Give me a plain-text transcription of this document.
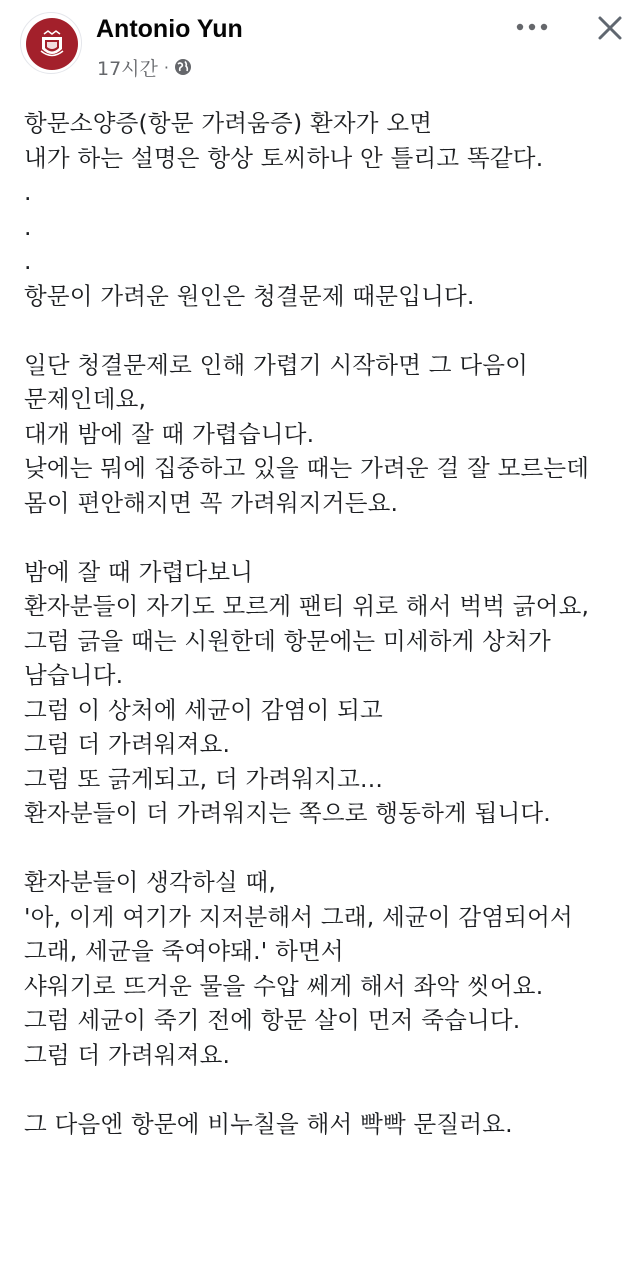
Antonio Yun
17시간 ·
항문소양증(항문 가려움증) 환자가 오면
내가 하는 설명은 항상 토씨하나 안 틀리고 똑같다.
.
.
.
항문이 가려운 원인은 청결문제 때문입니다.
일단 청결문제로 인해 가렵기 시작하면 그 다음이
문제인데요,
대개 밤에 잘 때 가렵습니다.
낮에는 뭐에 집중하고 있을 때는 가려운 걸 잘 모르는데
몸이 편안해지면 꼭 가려워지거든요.
밤에 잘 때 가렵다보니
환자분들이 자기도 모르게 팬티 위로 해서 벅벅 긁어요,
그럼 긁을 때는 시원한데 항문에는 미세하게 상처가
남습니다.
그럼 이 상처에 세균이 감염이 되고
그럼 더 가려워져요.
그럼 또 긁게되고, 더 가려워지고...
환자분들이 더 가려워지는 쪽으로 행동하게 됩니다.
환자분들이 생각하실 때,
'아, 이게 여기가 지저분해서 그래, 세균이 감염되어서
그래, 세균을 죽여야돼.' 하면서
샤워기로 뜨거운 물을 수압 쎄게 해서 좌악 씻어요.
그럼 세균이 죽기 전에 항문 살이 먼저 죽습니다.
그럼 더 가려워져요.
그 다음엔 항문에 비누칠을 해서 빡빡 문질러요.
